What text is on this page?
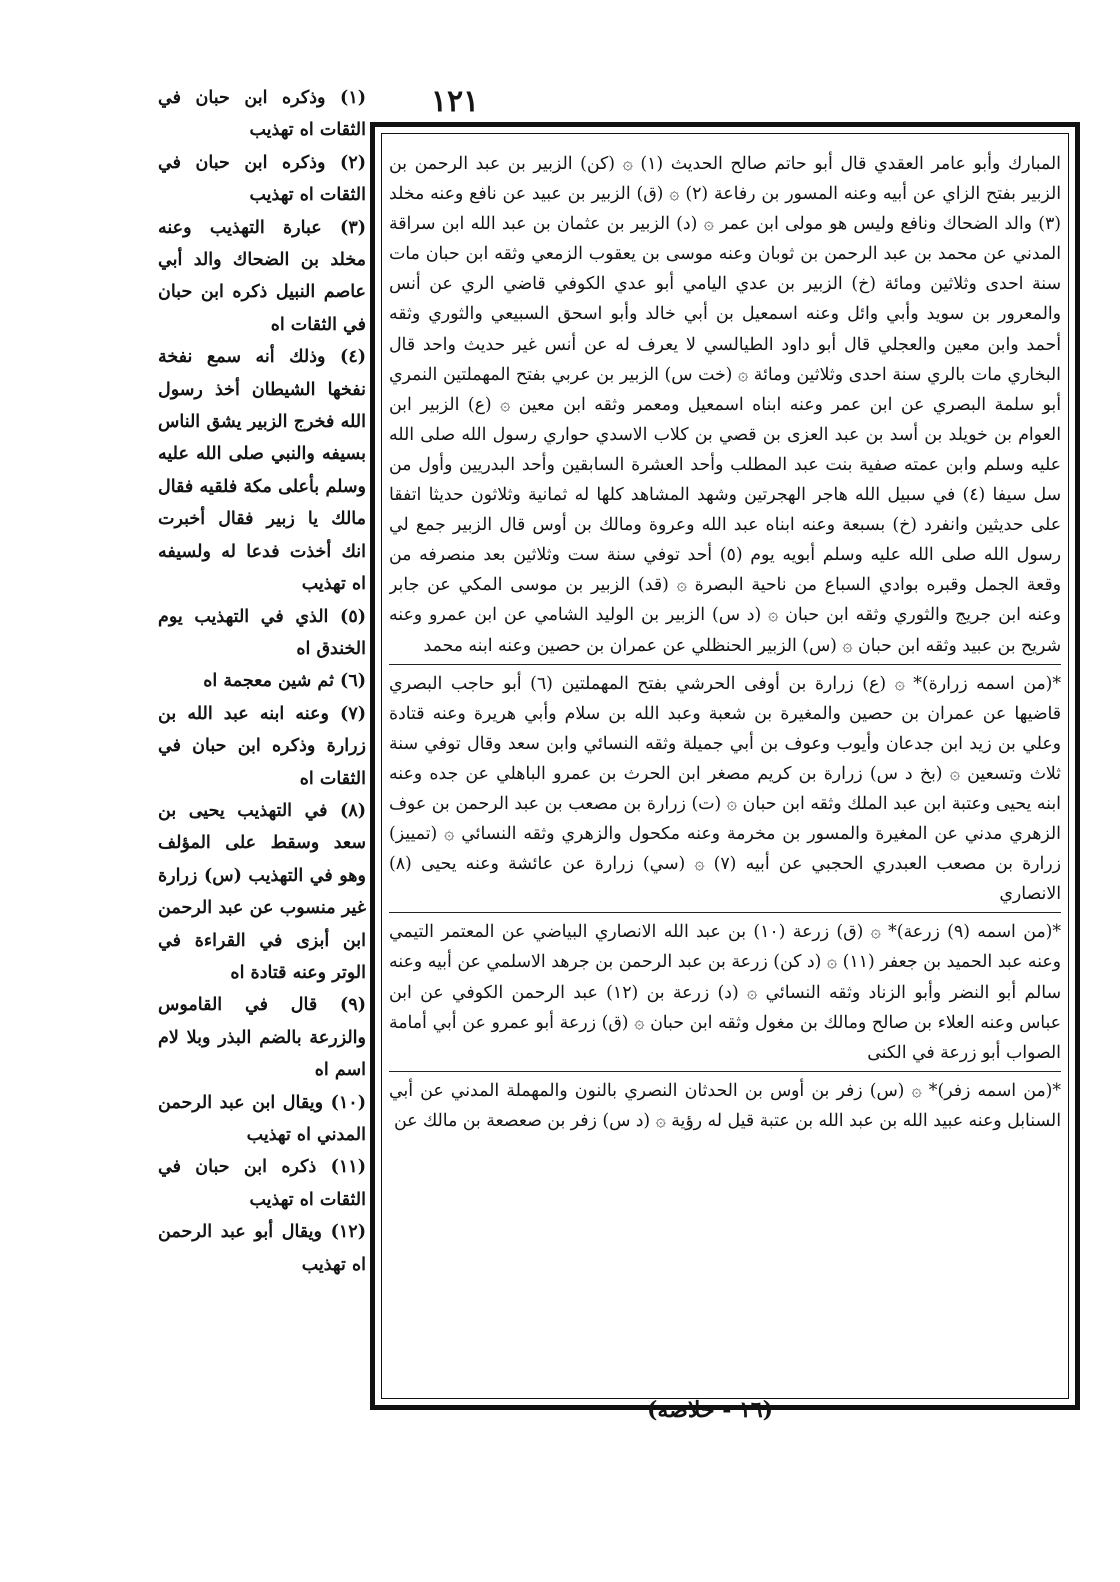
١٢١

(١) وذكره ابن حبان في الثقات اه تهذيب

(٢) وذكره ابن حبان في الثقات اه تهذيب

(٣) عبارة التهذيب وعنه مخلد بن الضحاك والد أبي عاصم النبيل ذكره ابن حبان في الثقات اه

(٤) وذلك أنه سمع نفخة نفخها الشيطان أخذ رسول الله فخرج الزبير يشق الناس بسيفه والنبي صلى الله عليه وسلم بأعلى مكة فلقيه فقال مالك يا زبير فقال أخبرت انك أخذت فدعا له ولسيفه اه تهذيب

(٥) الذي في التهذيب يوم الخندق اه

(٦) ثم شين معجمة اه

(٧) وعنه ابنه عبد الله بن زرارة وذكره ابن حبان في الثقات اه

(٨) في التهذيب يحيى بن سعد وسقط على المؤلف وهو في التهذيب (س) زرارة غير منسوب عن عبد الرحمن ابن أبزى في القراءة في الوتر وعنه قتادة اه

(٩) قال في القاموس والزرعة بالضم البذر وبلا لام اسم اه

(١٠) ويقال ابن عبد الرحمن المدني اه تهذيب

(١١) ذكره ابن حبان في الثقات اه تهذيب

(١٢) ويقال أبو عبد الرحمن اه تهذيب

المبارك وأبو عامر العقدي قال أبو حاتم صالح الحديث (١) ۞ (كن) الزبير بن عبد الرحمن بن الزبير بفتح الزاي عن أبيه وعنه المسور بن رفاعة (٢) ۞ (ق) الزبير بن عبيد عن نافع وعنه مخلد (٣) والد الضحاك ونافع وليس هو مولى ابن عمر ۞ (د) الزبير بن عثمان بن عبد الله ابن سراقة المدني عن محمد بن عبد الرحمن بن ثوبان وعنه موسى بن يعقوب الزمعي وثقه ابن حبان مات سنة احدى وثلاثين ومائة (خ) الزبير بن عدي اليامي أبو عدي الكوفي قاضي الري عن أنس والمعرور بن سويد وأبي وائل وعنه اسمعيل بن أبي خالد وأبو اسحق السبيعي والثوري وثقه أحمد وابن معين والعجلي قال أبو داود الطيالسي لا يعرف له عن أنس غير حديث واحد قال البخاري مات بالري سنة احدى وثلاثين ومائة ۞ (خت س) الزبير بن عربي بفتح المهملتين النمري أبو سلمة البصري عن ابن عمر وعنه ابناه اسمعيل ومعمر وثقه ابن معين ۞ (ع) الزبير ابن العوام بن خويلد بن أسد بن عبد العزى بن قصي بن كلاب الاسدي حواري رسول الله صلى الله عليه وسلم وابن عمته صفية بنت عبد المطلب وأحد العشرة السابقين وأحد البدريين وأول من سل سيفا (٤) في سبيل الله هاجر الهجرتين وشهد المشاهد كلها له ثمانية وثلاثون حديثا اتفقا على حديثين وانفرد (خ) بسبعة وعنه ابناه عبد الله وعروة ومالك بن أوس قال الزبير جمع لي رسول الله صلى الله عليه وسلم أبويه يوم (٥) أحد توفي سنة ست وثلاثين بعد منصرفه من وقعة الجمل وقبره بوادي السباع من ناحية البصرة ۞ (قد) الزبير بن موسى المكي عن جابر وعنه ابن جريج والثوري وثقه ابن حبان ۞ (د س) الزبير بن الوليد الشامي عن ابن عمرو وعنه شريح بن عبيد وثقه ابن حبان ۞ (س) الزبير الحنظلي عن عمران بن حصين وعنه ابنه محمد

*(من اسمه زرارة)* ۞ (ع) زرارة بن أوفى الحرشي بفتح المهملتين (٦) أبو حاجب البصري قاضيها عن عمران بن حصين والمغيرة بن شعبة وعبد الله بن سلام وأبي هريرة وعنه قتادة وعلي بن زيد ابن جدعان وأيوب وعوف بن أبي جميلة وثقه النسائي وابن سعد وقال توفي سنة ثلاث وتسعين ۞ (بخ د س) زرارة بن كريم مصغر ابن الحرث بن عمرو الباهلي عن جده وعنه ابنه يحيى وعتبة ابن عبد الملك وثقه ابن حبان ۞ (ت) زرارة بن مصعب بن عبد الرحمن بن عوف الزهري مدني عن المغيرة والمسور بن مخرمة وعنه مكحول والزهري وثقه النسائي ۞ (تمييز) زرارة بن مصعب العبدري الحجبي عن أبيه (٧) ۞ (سي) زرارة عن عائشة وعنه يحيى (٨) الانصاري

*(من اسمه (٩) زرعة)* ۞ (ق) زرعة (١٠) بن عبد الله الانصاري البياضي عن المعتمر التيمي وعنه عبد الحميد بن جعفر (١١) ۞ (د كن) زرعة بن عبد الرحمن بن جرهد الاسلمي عن أبيه وعنه سالم أبو النضر وأبو الزناد وثقه النسائي ۞ (د) زرعة بن (١٢) عبد الرحمن الكوفي عن ابن عباس وعنه العلاء بن صالح ومالك بن مغول وثقه ابن حبان ۞ (ق) زرعة أبو عمرو عن أبي أمامة الصواب أبو زرعة في الكنى

*(من اسمه زفر)* ۞ (س) زفر بن أوس بن الحدثان النصري بالنون والمهملة المدني عن أبي السنابل وعنه عبيد الله بن عبد الله بن عتبة قيل له رؤية ۞ (د س) زفر بن صعصعة بن مالك عن

(١٦ - خلاصة)
